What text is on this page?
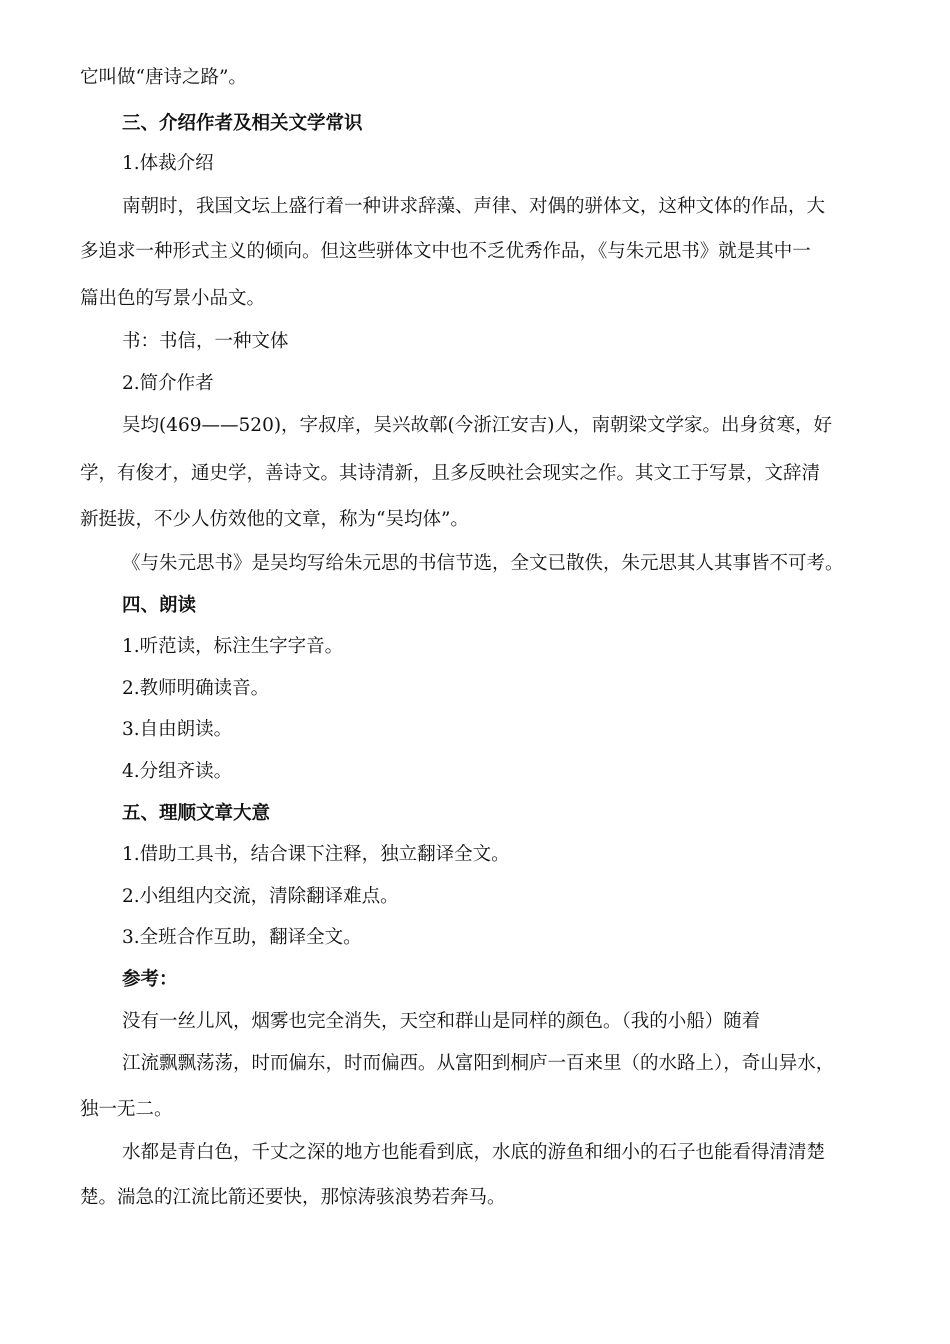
它叫做“唐诗之路”。
三、介绍作者及相关文学常识
1.体裁介绍
南朝时，我国文坛上盛行着一种讲求辞藻、声律、对偶的骈体文，这种文体的作品，大
多追求一种形式主义的倾向。但这些骈体文中也不乏优秀作品，《与朱元思书》就是其中一
篇出色的写景小品文。
书：书信，一种文体
2.简介作者
吴均(469——520)，字叔庠，吴兴故鄣(今浙江安吉)人，南朝梁文学家。出身贫寒，好
学，有俊才，通史学，善诗文。其诗清新，且多反映社会现实之作。其文工于写景，文辞清
新挺拔，不少人仿效他的文章，称为“吴均体”。
《与朱元思书》是吴均写给朱元思的书信节选，全文已散佚，朱元思其人其事皆不可考。
四、朗读
1.听范读，标注生字字音。
2.教师明确读音。
3.自由朗读。
4.分组齐读。
五、理顺文章大意
1.借助工具书，结合课下注释，独立翻译全文。
2.小组组内交流，清除翻译难点。
3.全班合作互助，翻译全文。
参考：
没有一丝儿风，烟雾也完全消失，天空和群山是同样的颜色。（我的小船）随着
江流飘飘荡荡，时而偏东，时而偏西。从富阳到桐庐一百来里（的水路上），奇山异水，
独一无二。
水都是青白色，千丈之深的地方也能看到底，水底的游鱼和细小的石子也能看得清清楚
楚。湍急的江流比箭还要快，那惊涛骇浪势若奔马。
